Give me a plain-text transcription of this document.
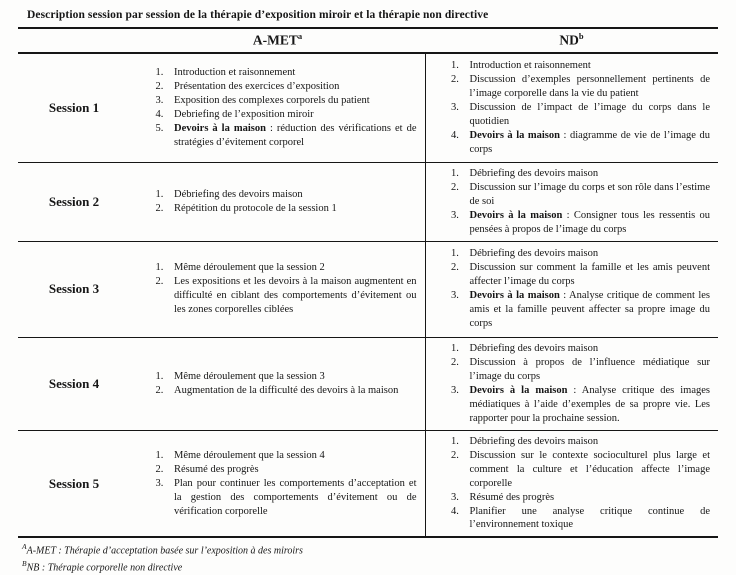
Description session par session de la thérapie d’exposition miroir et la thérapie non directive
	A-MET$^a$	$ND^b$
Session 1	
1. Introduction et raisonnement
2. Présentation des exercices d’exposition
3. Exposition des complexes corporels du patient
4. Debriefing de l’exposition miroir
5. Devoirs à la maison : réduction des vérifications et de stratégies d’évitement corporel

1. Introduction et raisonnement
2. Discussion d’exemples personnellement pertinents de l’image corporelle dans la vie du patient
3. Discussion de l’impact de l’image du corps dans le quotidien
4. Devoirs à la maison : diagramme de vie de l’image du corps

Session 2	
1.Débriefing des devoirs maison
2. Répétition du protocole de la session 1

1. Débriefing des devoirs maison
2. Discussion sur l’image du corps et son rôle dans l’estime de soi
3. Devoirs à la maison : Consigner tous les ressentis ou pensées à propos de l’image du corps

Session 3	
1. Même déroulement que la session 2
2. Les expositions et les devoirs à la maison augmentent en difficulté en ciblant des comportements d’évitement ou les zones corporelles ciblées

1. Débriefing des devoirs maison
2. Discussion sur comment la famille et les amis peuvent affecter l’image du corps
3. Devoirs à la maison : Analyse critique de comment les amis et la famille peuvent affecter sa propre image du corps

Session 4	
1.Même déroulement que la session 3
2. Augmentation de la difficulté des devoirs à la maison

1. Débriefing des devoirs maison
2. Discussion à propos de l’influence médiatique sur l’image du corps
3. Devoirs à la maison : Analyse critique des images médiatiques à l’aide d’exemples de sa propre vie. Les rapporter pour la prochaine session.

Session 5	
1. Même déroulement que la session 4
2. Résumé des progrès
3. Plan pour continuer les comportements d’acceptation et la gestion des comportements d’évitement ou de vérification corporelle

1. Débriefing des devoirs maison
2. Discussion sur le contexte socioculturel plus large et comment la culture et l’éducation affecte l’image corporelle
3. Résumé des progrès
4. Planifier une analyse critique continue de l’environnement toxique
$^A$A-MET : Thérapie d’acceptation basée sur l’exposition à des miroirs
$^B$NB : Thérapie corporelle non directive
